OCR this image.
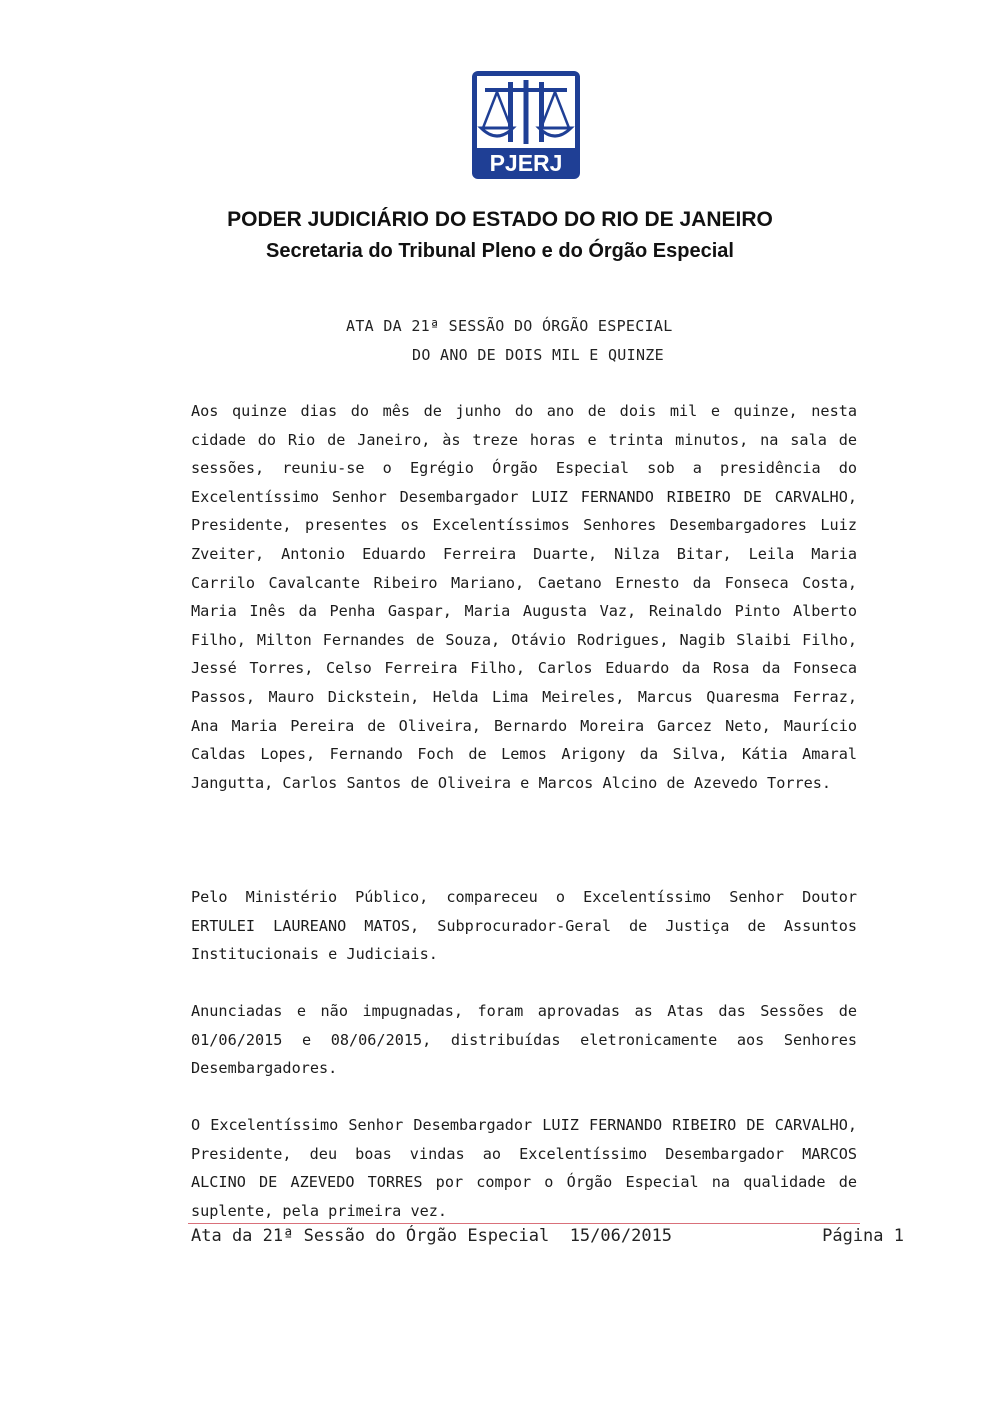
PJERJ
PODER JUDICIÁRIO DO ESTADO DO RIO DE JANEIRO
Secretaria do Tribunal Pleno e do Órgão Especial
ATA DA 21ª SESSÃO DO ÓRGÃO ESPECIAL
DO ANO DE DOIS MIL E QUINZE

Aos quinze dias do mês de junho do ano de dois mil e quinze, nesta cidade do Rio de Janeiro, às treze horas e trinta minutos, na sala de sessões, reuniu-se o Egrégio Órgão Especial sob a presidência do Excelentíssimo Senhor Desembargador LUIZ FERNANDO RIBEIRO DE CARVALHO, Presidente, presentes os Excelentíssimos Senhores Desembargadores Luiz Zveiter, Antonio Eduardo Ferreira Duarte, Nilza Bitar, Leila Maria Carrilo Cavalcante Ribeiro Mariano, Caetano Ernesto da Fonseca Costa, Maria Inês da Penha Gaspar, Maria Augusta Vaz, Reinaldo Pinto Alberto Filho, Milton Fernandes de Souza, Otávio Rodrigues, Nagib Slaibi Filho, Jessé Torres, Celso Ferreira Filho, Carlos Eduardo da Rosa da Fonseca Passos, Mauro Dickstein, Helda Lima Meireles, Marcus Quaresma Ferraz, Ana Maria Pereira de Oliveira, Bernardo Moreira Garcez Neto, Maurício Caldas Lopes, Fernando Foch de Lemos Arigony da Silva, Kátia Amaral Jangutta, Carlos Santos de Oliveira e Marcos Alcino de Azevedo Torres.

Pelo Ministério Público, compareceu o Excelentíssimo Senhor Doutor ERTULEI LAUREANO MATOS, Subprocurador-Geral de Justiça de Assuntos Institucionais e Judiciais.

Anunciadas e não impugnadas, foram aprovadas as Atas das Sessões de 01/06/2015 e 08/06/2015, distribuídas eletronicamente aos Senhores Desembargadores.

O Excelentíssimo Senhor Desembargador LUIZ FERNANDO RIBEIRO DE CARVALHO, Presidente, deu boas vindas ao Excelentíssimo Desembargador MARCOS ALCINO DE AZEVEDO TORRES por compor o Órgão Especial na qualidade de suplente, pela primeira vez.

Ata da 21ª Sessão do Órgão Especial  15/06/2015	Página 1
